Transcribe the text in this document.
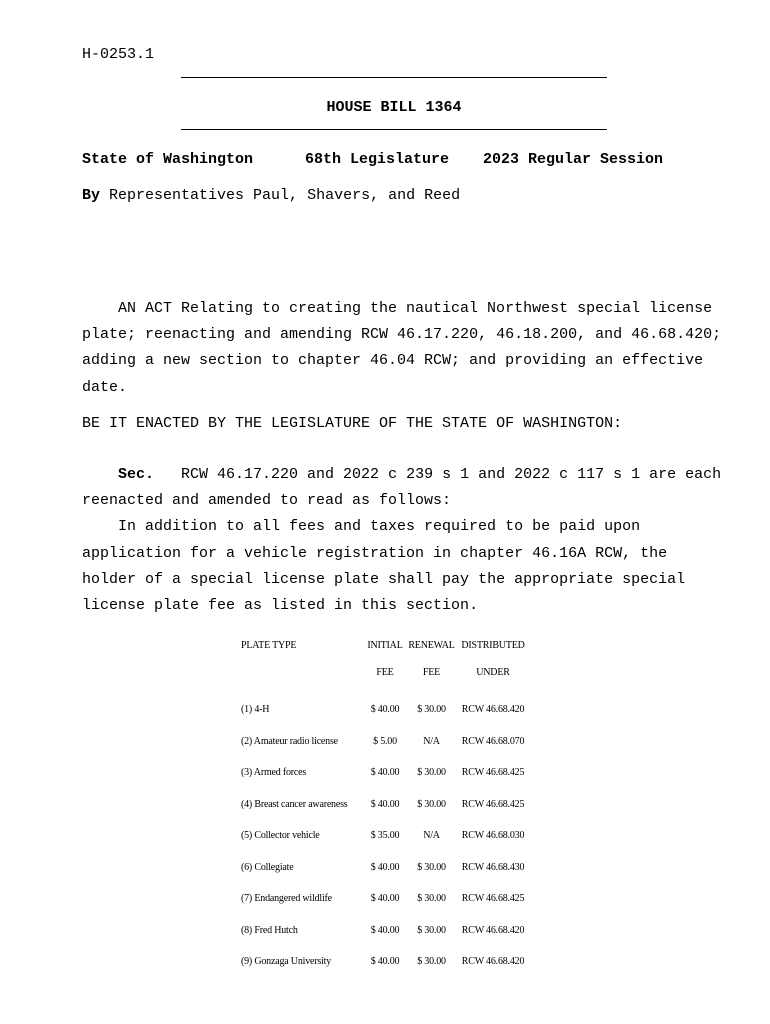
H-0253.1
HOUSE BILL 1364
State of Washington	68th Legislature 2023 Regular Session
By Representatives Paul, Shavers, and Reed
AN ACT Relating to creating the nautical Northwest special license plate; reenacting and amending RCW 46.17.220, 46.18.200, and 46.68.420; adding a new section to chapter 46.04 RCW; and providing an effective date.
BE IT ENACTED BY THE LEGISLATURE OF THE STATE OF WASHINGTON:
Sec. RCW 46.17.220 and 2022 c 239 s 1 and 2022 c 117 s 1 are each reenacted and amended to read as follows:
In addition to all fees and taxes required to be paid upon application for a vehicle registration in chapter 46.16A RCW, the holder of a special license plate shall pay the appropriate special license plate fee as listed in this section.
PLATE TYPE	INITIAL	RENEWAL	DISTRIBUTED
	FEE	FEE	UNDER
(1) 4-H	$ 40.00	$ 30.00	RCW 46.68.420
(2) Amateur radio license	$ 5.00	N/A	RCW 46.68.070
(3) Armed forces	$ 40.00	$ 30.00	RCW 46.68.425
(4) Breast cancer awareness	$ 40.00	$ 30.00	RCW 46.68.425
(5) Collector vehicle	$ 35.00	N/A	RCW 46.68.030
(6) Collegiate	$ 40.00	$ 30.00	RCW 46.68.430
(7) Endangered wildlife	$ 40.00	$ 30.00	RCW 46.68.425
(8) Fred Hutch	$ 40.00	$ 30.00	RCW 46.68.420
(9) Gonzaga University	$ 40.00	$ 30.00	RCW 46.68.420
